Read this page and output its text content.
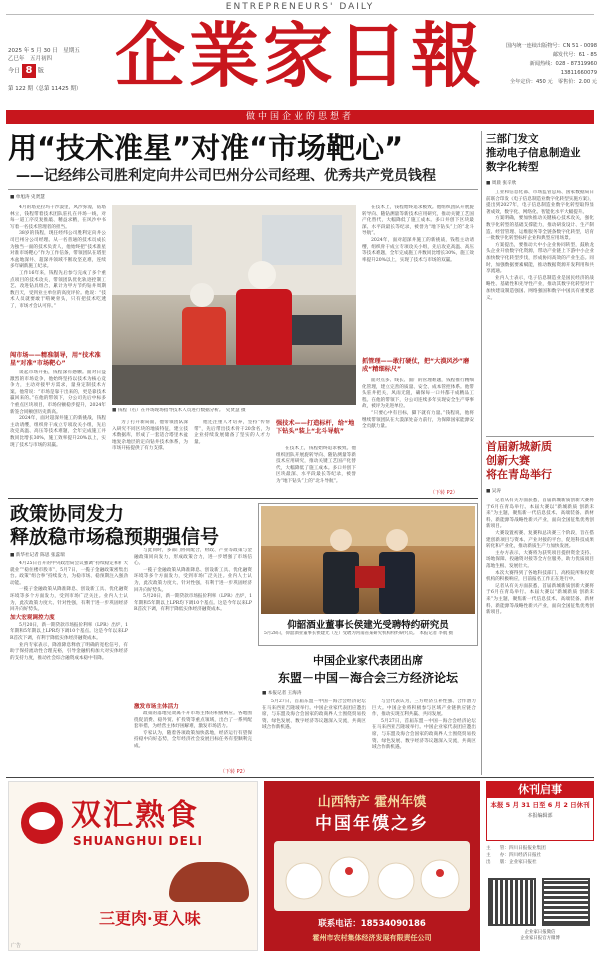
ENTREPRENEURS' DAILY
2025 年 5 月 30 日　星期五
乙巳年　五月初四
今日 8 版
第 122 期（总第 11425 期） 企業家日報	国内统一连续出版物号：CN 51 - 0098
邮发代号：61 - 85
新闻热线：028 - 87319960
13811660079
全年定价：450 元　零售价：2.00 元
做中国企业的思想者
用“技术准星”对准“市场靶心”
——记经纬公司胜利定向井公司巴州分公司经理、优秀共产党员钱程
■ 单旭涛 史贤慧

4月的塔克拉玛干沙漠里，风沙弥漫，钻塔林立，钱程带着技术团队驻扎在井场一线，对每一道工序反复推敲、精益求精，在风沙中书写着一名技术管理者的担当。

38岁的钱程，现任经纬公司胜利定向井公司巴州分公司经理。从一名普通的技术员成长为独当一面的技术负责人，他始终把“技术准星对准市场靶心”作为工作信条，带领团队在塔里木盆地深井、超深井领域不断攻坚克难，连续多年刷新施工纪录。

工作16年来，钱程先后参与完成了多个重点项目的技术攻关，带领团队优化轨迹控制工艺、改进钻具组合，累计为甲方节约钻井周期数百天，受到业主单位的高度评价。他说：“技术人员就要敢于啃硬骨头，只有把技术吃透了，市场才会认可你。”

闯市场——精准制导，用“技术准星”对准“市场靶心”

谈起市场开拓，钱程深有感触。面对日益激烈的市场竞争，他始终坚持以技术为核心竞争力，主动对接甲方需求，量身定制技术方案。他常说：“市场是靠干出来的，更是靠技术赢回来的。”在他的带领下，分公司先后中标多个重点区块项目，市场份额稳步提升，2024年新签合同额创历史新高。

2024年，面对超深井施工的新挑战，钱程主动请缨，组织骨干成立专项攻关小组，先后攻克高温、高压等技术难题，全年完成施工井数同比增长30%，施工效率提升20%以上，实现了技术与市场的双赢。

■ 钱程（右）在井场现场指导技术人员进行数据分析。　史贤慧 摄

为了打开新局面，他带领团队深入研究不同区块的地质特征，建立技术数据库，形成了一套适合塔里木盆地复杂地层的定向钻井技术体系，为市场开拓提供了有力支撑。

他还注重人才培养，坚持“传帮带”，先后带出技术骨干20余名，为企业持续发展储备了坚实的人才力量。

强技术——打造标杆，给“地下钻头”装上“北斗导航”

在技术上，钱程始终追求极致。他组织团队开展旋转导向、随钻测量等新技术应用研究，推动关键工艺国产化替代，大幅降低了施工成本。多口井创下区块最深、水平段最长等纪录，被誉为“地下钻头”上的“北斗导航”。

在技术上，钱程始终追求极致。他组织团队开展旋转导向、随钻测量等新技术应用研究，推动关键工艺国产化替代，大幅降低了施工成本。多口井创下区块最深、水平段最长等纪录，被誉为“地下钻头”上的“北斗导航”。

2024年，面对超深井施工的新挑战，钱程主动请缨，组织骨干成立专项攻关小组，先后攻克高温、高压等技术难题，全年完成施工井数同比增长30%，施工效率提升20%以上，实现了技术与市场的双赢。

抓管理——敢打硬仗，把“大漠风沙”磨成“精细标尺”

面对点多、线长、面广的管理难题，钱程推行精细化管理，建立完善的质量、安全、成本管控体系。他带头驻井把关，风雨无阻，确保每一口井都干成精品工程。在他的带领下，分公司连续多年实现安全生产零事故，被评为先进单位。

“只要心中有目标，脚下就有力量。”钱程说，他将继续带领团队在大漠深处奋力前行，为保障国家能源安全贡献力量。

（下转 P2）
政策协同发力
释放稳市场稳预期强信号
■ 新华社记者 陈思 张蕊瑞

4月25日召开的中央政治局会议强调“持续稳定和扩大就业”“稳住楼市股市”，5月7日，一揽子金融政策密集出台。政策“组合拳”持续发力，为稳市场、稳预期注入强劲动能。

一揽子金融政策从降准降息、创设新工具、优化融资环境等多个方面发力，受到市场广泛关注。业内人士认为，此次政策力度大、针对性强，有利于进一步巩固经济回升向好势头。

加大宏观调控力度

5月20日，新一期贷款市场报价利率（LPR）出炉，1年期和5年期以上LPR均下调10个基点。这是今年以来LPR首次下调，有利于降低实体经济融资成本。

业内专家表示，降准降息释放了明确的宽松信号，有助于保持流动性合理充裕，引导金融机构加大对实体经济的支持力度，推动社会综合融资成本稳中有降。

与此同时，多部门协同配合，财政、产业等政策与金融政策同向发力，形成政策合力，进一步增强了市场信心。

一揽子金融政策从降准降息、创设新工具、优化融资环境等多个方面发力，受到市场广泛关注。业内人士认为，此次政策力度大、针对性强，有利于进一步巩固经济回升向好势头。

5月20日，新一期贷款市场报价利率（LPR）出炉，1年期和5年期以上LPR均下调10个基点。这是今年以来LPR首次下调，有利于降低实体经济融资成本。

激发市场主体活力

政策的落地见效离不开市场主体的积极响应。各地围绕促消费、稳外贸、扩投资等重点领域，出台了一系列配套举措，为经营主体纾困解难，激发市场活力。

专家认为，随着各项政策加快落地，经济运行有望保持稳中向好态势，全年经济社会发展目标任务有望顺利完成。

（下转 P2）
仰韶酒业董事长侯建光受聘特约研究员
5月28日，仰韶酒业董事长侯建光（左）受聘为河南省某研究机构特约研究员。　本报记者 李航 摄
中国企业家代表团出席
东盟－中国－海合会三方经济论坛
■ 本报记者 王海涛

5月27日，首届东盟－中国－海合会经济论坛在马来西亚吉隆坡举行。中国企业家代表团应邀出席，与东盟及海合会国家的政商界人士围绕贸易投资、绿色发展、数字经济等议题深入交流，共商区域合作新机遇。

与会代表认为，三方经济互补性强、合作潜力巨大。中国企业将积极参与区域产业链供应链合作，推动实现互利共赢、共同发展。

5月27日，首届东盟－中国－海合会经济论坛在马来西亚吉隆坡举行。中国企业家代表团应邀出席，与东盟及海合会国家的政商界人士围绕贸易投资、绿色发展、数字经济等议题深入交流，共商区域合作新机遇。

三部门发文
推动电子信息制造业
数字化转型
■ 周晨 张辛欣

工业和信息化部、市场监管总局、国家数据局日前联合印发《电子信息制造业数字化转型实施方案》，提出到2027年，电子信息制造业数字化转型取得显著成效，数字化、网络化、智能化水平大幅提升。

方案明确，要加快推动关键核心技术攻关，强化数字化转型的基础支撑能力，推动研发设计、生产制造、经营管理、运维服务等全链条数字化转型，培育一批数字化转型标杆企业和典型应用场景。

方案提出，要推动大中小企业协同转型，鼓励龙头企业开放数字化资源，带动产业链上下游中小企业加快数字化转型步伐，形成协同高效的产业生态。同时，加强数据要素赋能，推动数据资源开发利用和共享流通。

业内人士表示，电子信息制造业是国民经济的战略性、基础性和先导性产业，推动其数字化转型对于加快建设制造强国、网络强国和数字中国具有重要意义。

首届新城新质
创新大赛
将在青岛举行
■ 吴涛

记者从有关方面获悉，首届新城新质创新大赛将于6月在青岛举行。本届大赛以“新城新质 创新未来”为主题，聚焦新一代信息技术、高端装备、新材料、新能源等战略性新兴产业，面向全国征集优秀创新项目。

大赛设置初赛、复赛和总决赛三个阶段，旨在搭建创新项目与资本、产业对接的平台，促进科技成果转化和产业化，推动新质生产力加快发展。

主办方表示，大赛将为获奖项目提供资金支持、场地保障、投融资对接等全方位服务，助力优质项目落地生根、发展壮大。

本次大赛得到了各地科技部门、高校院所和投资机构的积极响应，目前报名工作正在进行中。

记者从有关方面获悉，首届新城新质创新大赛将于6月在青岛举行。本届大赛以“新城新质 创新未来”为主题，聚焦新一代信息技术、高端装备、新材料、新能源等战略性新兴产业，面向全国征集优秀创新项目。

双汇熟食
SHUANGHUI DELI
三更肉·更入味
广告
山西特产 霍州年馍
中国年馍之乡
联系电话：18534090186
霍州市农村集体经济发展有限责任公司
休刊启事
本报 5 月 31 日至 6 月 2 日休刊
本报编辑部
主　　管：四川日报报业集团
主　　办：四川经济日报社
出　　版：企业家日报社
企业家日报微信
企业家日报官方微博
